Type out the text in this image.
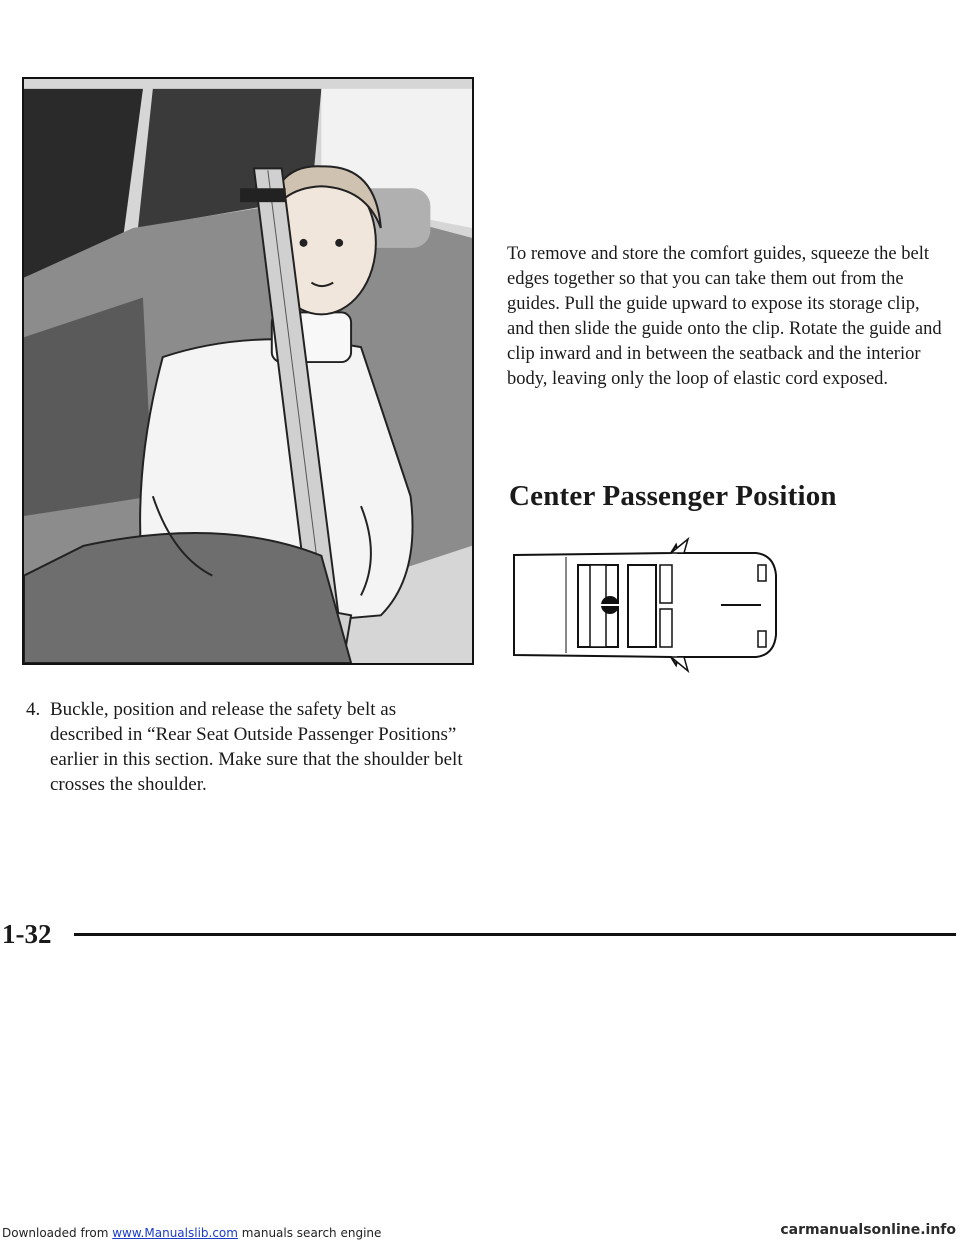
4. Buckle, position and release the safety belt as described in “Rear Seat Outside Passenger Positions” earlier in this section. Make sure that the shoulder belt crosses the shoulder.

To remove and store the comfort guides, squeeze the belt edges together so that you can take them out from the guides. Pull the guide upward to expose its storage clip, and then slide the guide onto the clip. Rotate the guide and clip inward and in between the seatback and the interior body, leaving only the loop of elastic cord exposed.

Center Passenger Position

1-32

Downloaded from www.Manualslib.com manuals search engine	carmanualsonline.info
